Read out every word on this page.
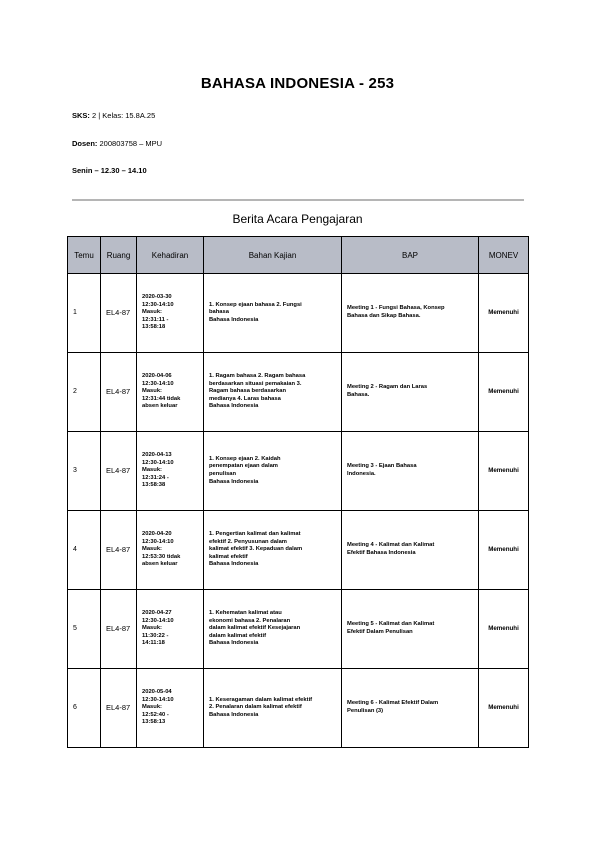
BAHASA INDONESIA - 253
SKS: 2 | Kelas: 15.8A.25
Dosen: 200803758 – MPU
Senin – 12.30 – 14.10
Berita Acara Pengajaran
Temu	Ruang	Kehadiran	Bahan Kajian	BAP	MONEV
1	EL4-87	2020-03-30
12:30-14:10
Masuk:
12:31:11 -
13:58:18	1. Konsep ejaan bahasa 2. Fungsi
bahasa
Bahasa Indonesia	Meeting 1 - Fungsi Bahasa, Konsep
Bahasa dan Sikap Bahasa.	Memenuhi
2	EL4-87	2020-04-06
12:30-14:10
Masuk:
12:31:44 tidak
absen keluar	1. Ragam bahasa 2. Ragam bahasa
berdasarkan situasi pemakaian 3.
Ragam bahasa berdasarkan
medianya 4. Laras bahasa
Bahasa Indonesia	Meeting 2 - Ragam dan Laras
Bahasa.	Memenuhi
3	EL4-87	2020-04-13
12:30-14:10
Masuk:
12:31:24 -
13:58:38	1. Konsep ejaan 2. Kaidah
penempatan ejaan dalam
penulisan
Bahasa Indonesia	Meeting 3 - Ejaan Bahasa
Indonesia.	Memenuhi
4	EL4-87	2020-04-20
12:30-14:10
Masuk:
12:53:30 tidak
absen keluar	1. Pengertian kalimat dan kalimat
efektif 2. Penyusunan dalam
kalimat efektif 3. Kepaduan dalam
kalimat efektif
Bahasa Indonesia	Meeting 4 - Kalimat dan Kalimat
Efektif Bahasa Indonesia	Memenuhi
5	EL4-87	2020-04-27
12:30-14:10
Masuk:
11:30:22 -
14:11:18	1. Kehematan kalimat atau
ekonomi bahasa 2. Penalaran
dalam kalimat efektif Kesejajaran
dalam kalimat efektif
Bahasa Indonesia	Meeting 5 - Kalimat dan Kalimat
Efektif Dalam Penulisan	Memenuhi
6	EL4-87	2020-05-04
12:30-14:10
Masuk:
12:52:40 -
13:58:13	1. Keseragaman dalam kalimat efektif
2. Penalaran dalam kalimat efektif
Bahasa Indonesia	Meeting 6 - Kalimat Efektif Dalam
Penulisan (3)	Memenuhi
